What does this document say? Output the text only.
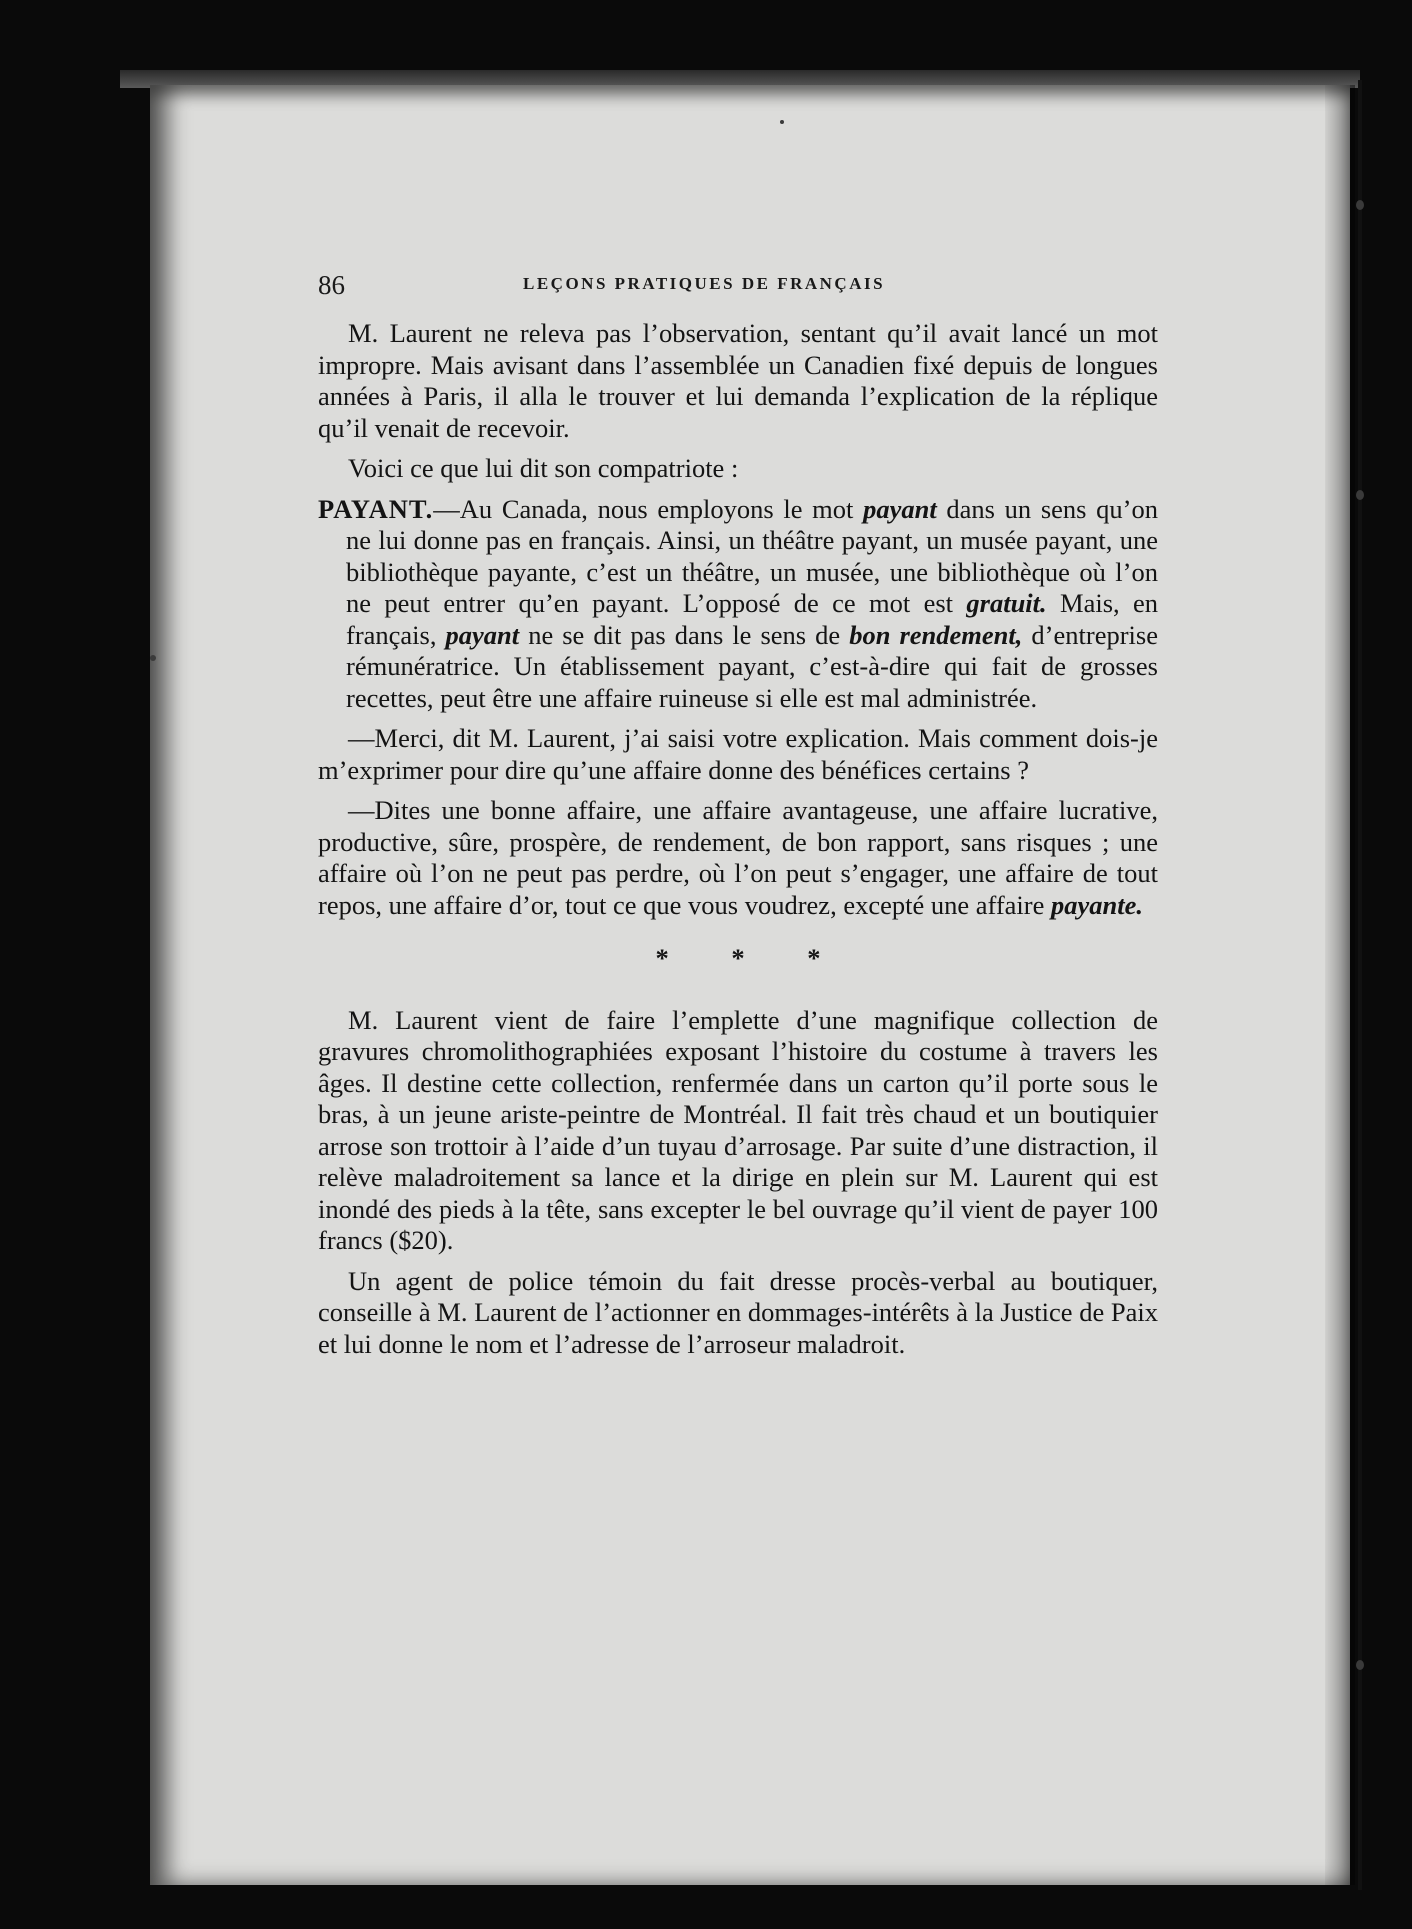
86	LEÇONS PRATIQUES DE FRANÇAIS

M. Laurent ne releva pas l’observation, sentant qu’il avait lancé un mot impropre. Mais avisant dans l’assemblée un Canadien fixé depuis de longues années à Paris, il alla le trouver et lui demanda l’explication de la réplique qu’il venait de recevoir.

Voici ce que lui dit son compatriote :

PAYANT.—Au Canada, nous employons le mot payant dans un sens qu’on ne lui donne pas en français. Ainsi, un théâtre payant, un musée payant, une bibliothèque payante, c’est un théâtre, un musée, une bibliothèque où l’on ne peut entrer qu’en payant. L’opposé de ce mot est gratuit. Mais, en français, payant ne se dit pas dans le sens de bon rendement, d’entreprise rémunératrice. Un établissement payant, c’est-à-dire qui fait de grosses recettes, peut être une affaire ruineuse si elle est mal administrée.

—Merci, dit M. Laurent, j’ai saisi votre explication. Mais comment dois-je m’exprimer pour dire qu’une affaire donne des bénéfices certains ?

—Dites une bonne affaire, une affaire avantageuse, une affaire lucrative, productive, sûre, prospère, de rendement, de bon rapport, sans risques ; une affaire où l’on ne peut pas perdre, où l’on peut s’engager, une affaire de tout repos, une affaire d’or, tout ce que vous voudrez, excepté une affaire payante.

* * *

M. Laurent vient de faire l’emplette d’une magnifique collection de gravures chromolithographiées exposant l’histoire du costume à travers les âges. Il destine cette collection, renfermée dans un carton qu’il porte sous le bras, à un jeune ariste-peintre de Montréal. Il fait très chaud et un boutiquier arrose son trottoir à l’aide d’un tuyau d’arrosage. Par suite d’une distraction, il relève maladroitement sa lance et la dirige en plein sur M. Laurent qui est inondé des pieds à la tête, sans excepter le bel ouvrage qu’il vient de payer 100 francs ($20).

Un agent de police témoin du fait dresse procès-verbal au boutiquer, conseille à M. Laurent de l’actionner en dommages-intérêts à la Justice de Paix et lui donne le nom et l’adresse de l’arroseur maladroit.
